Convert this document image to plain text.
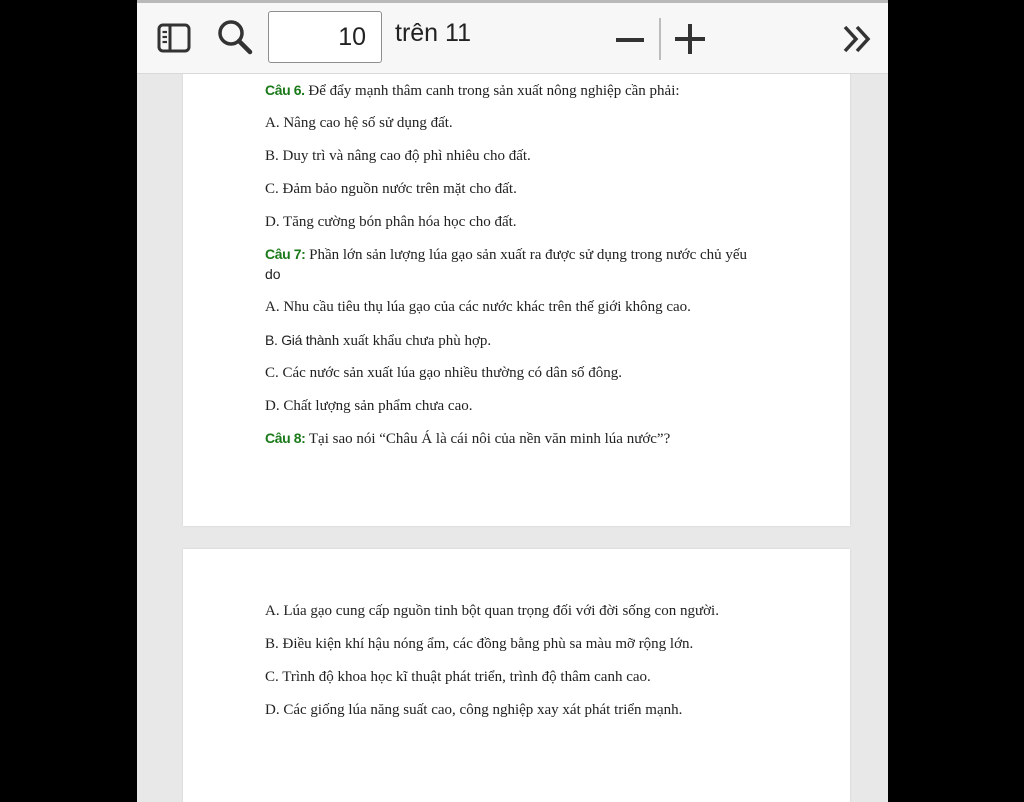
10	trên 11
Câu 6. Để đẩy mạnh thâm canh trong sản xuất nông nghiệp cần phải:
A. Nâng cao hệ số sử dụng đất.
B. Duy trì và nâng cao độ phì nhiêu cho đất.
C. Đảm bảo nguồn nước trên mặt cho đất.
D. Tăng cường bón phân hóa học cho đất.
Câu 7: Phần lớn sản lượng lúa gạo sản xuất ra được sử dụng trong nước chủ yếu
do
A. Nhu cầu tiêu thụ lúa gạo của các nước khác trên thế giới không cao.
B. Giá thành xuất khẩu chưa phù hợp.
C. Các nước sản xuất lúa gạo nhiều thường có dân số đông.
D. Chất lượng sản phẩm chưa cao.
Câu 8: Tại sao nói “Châu Á là cái nôi của nền văn minh lúa nước”?
A. Lúa gạo cung cấp nguồn tinh bột quan trọng đối với đời sống con người.
B. Điều kiện khí hậu nóng ẩm, các đồng bằng phù sa màu mỡ rộng lớn.
C. Trình độ khoa học kĩ thuật phát triển, trình độ thâm canh cao.
D. Các giống lúa năng suất cao, công nghiệp xay xát phát triển mạnh.
